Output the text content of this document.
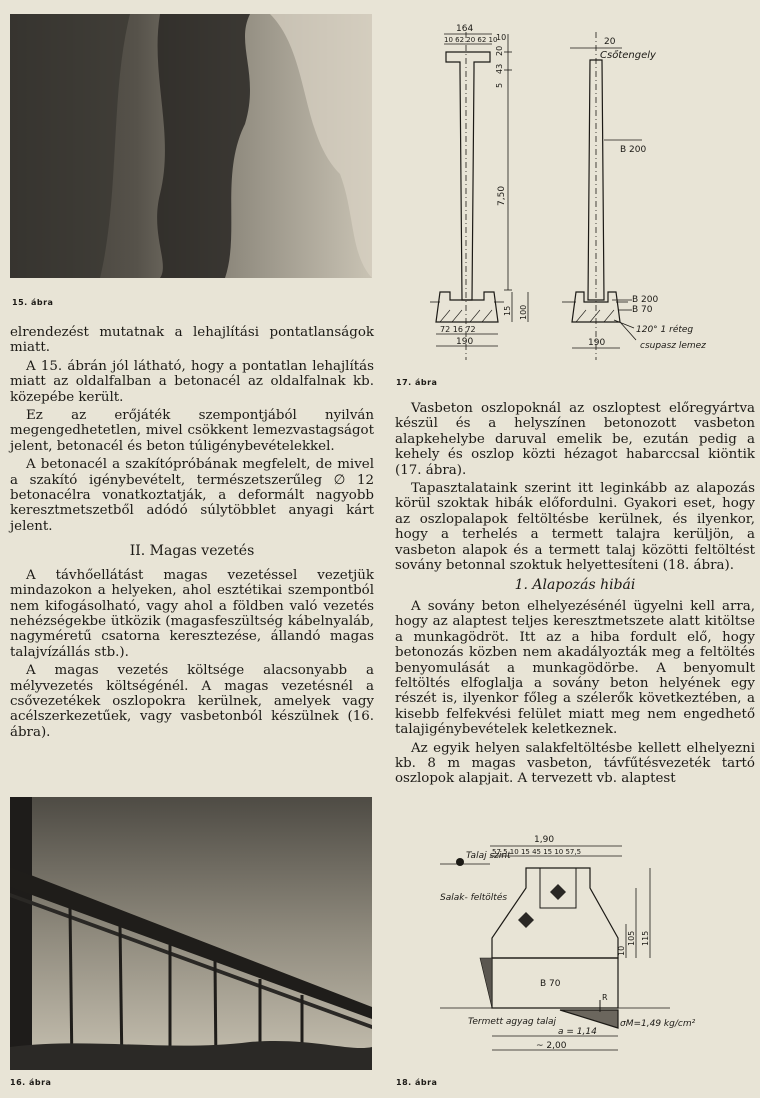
15. ábra

elrendezést mutatnak a lehajlítási pontatlanságok miatt.

A 15. ábrán jól látható, hogy a pontatlan lehajlítás miatt az oldalfalban a betonacél az oldalfalnak kb. közepébe került.

Ez az erőjáték szempontjából nyilván megengedhetetlen, mivel csökkent lemezvastagságot jelent, betonacél és beton túligénybevételekkel.

A betonacél a szakítópróbának megfelelt, de mivel a szakító igénybevételt, természetszerűleg ∅ 12 betonacélra vonatkoztatják, a deformált nagyobb keresztmetszetből adódó súlytöbblet anyagi kárt jelent.

II. Magas vezetés

A távhőellátást magas vezetéssel vezetjük mindazokon a helyeken, ahol esztétikai szempontból nem kifogásolható, vagy ahol a földben való vezetés nehézségekbe ütközik (magasfeszültség kábelnyaláb, nagyméretű csatorna keresztezése, állandó magas talajvízállás stb.).

A magas vezetés költsége alacsonyabb a mélyvezetés költségénél. A magas vezetésnél a csővezetékek oszlopokra kerülnek, amelyek vagy acélszerkezetűek, vagy vasbetonból készülnek (16. ábra).

16. ábra
164
10 62 20 62 10
10
20
43
5
7,50
15 100
72 16 72
190
20
Csőtengely
B 200
B 200
B 70
120° 1 réteg
csupasz lemez
190
17. ábra

Vasbeton oszlopoknál az oszloptest előregyártva készül és a helyszínen betonozott vasbeton alapkehelybe daruval emelik be, ezután pedig a kehely és oszlop közti hézagot habarccsal kiöntik (17. ábra).

Tapasztalataink szerint itt leginkább az alapozás körül szoktak hibák előfordulni. Gyakori eset, hogy az oszlopalapok feltöltésbe kerülnek, és ilyenkor, hogy a terhelés a termett talajra kerüljön, a vasbeton alapok és a termett talaj közötti feltöltést sovány betonnal szoktuk helyettesíteni (18. ábra).

1. Alapozás hibái

A sovány beton elhelyezésénél ügyelni kell arra, hogy az alaptest teljes keresztmetszete alatt kitöltse a munkagödröt. Itt az a hiba fordult elő, hogy betonozás közben nem akadályozták meg a feltöltés benyomulását a munkagödörbe. A benyomult feltöltés elfoglalja a sovány beton helyének egy részét is, ilyenkor főleg a szélerők következtében, a kisebb felfekvési felület miatt meg nem engedhető talajigénybevételek keletkeznek.

Az egyik helyen salakfeltöltésbe kellett elhelyezni kb. 8 m magas vasbeton, távfűtésvezeték tartó oszlopok alapjait. A tervezett vb. alaptest

1,90
57,5 10 15 45 15 10 57,5
Talaj szint
Salak- feltöltés
10
105 115
B 70
R
Termett agyag talaj	σM=1,49 kg/cm²
a = 1,14
~ 2,00
18. ábra
